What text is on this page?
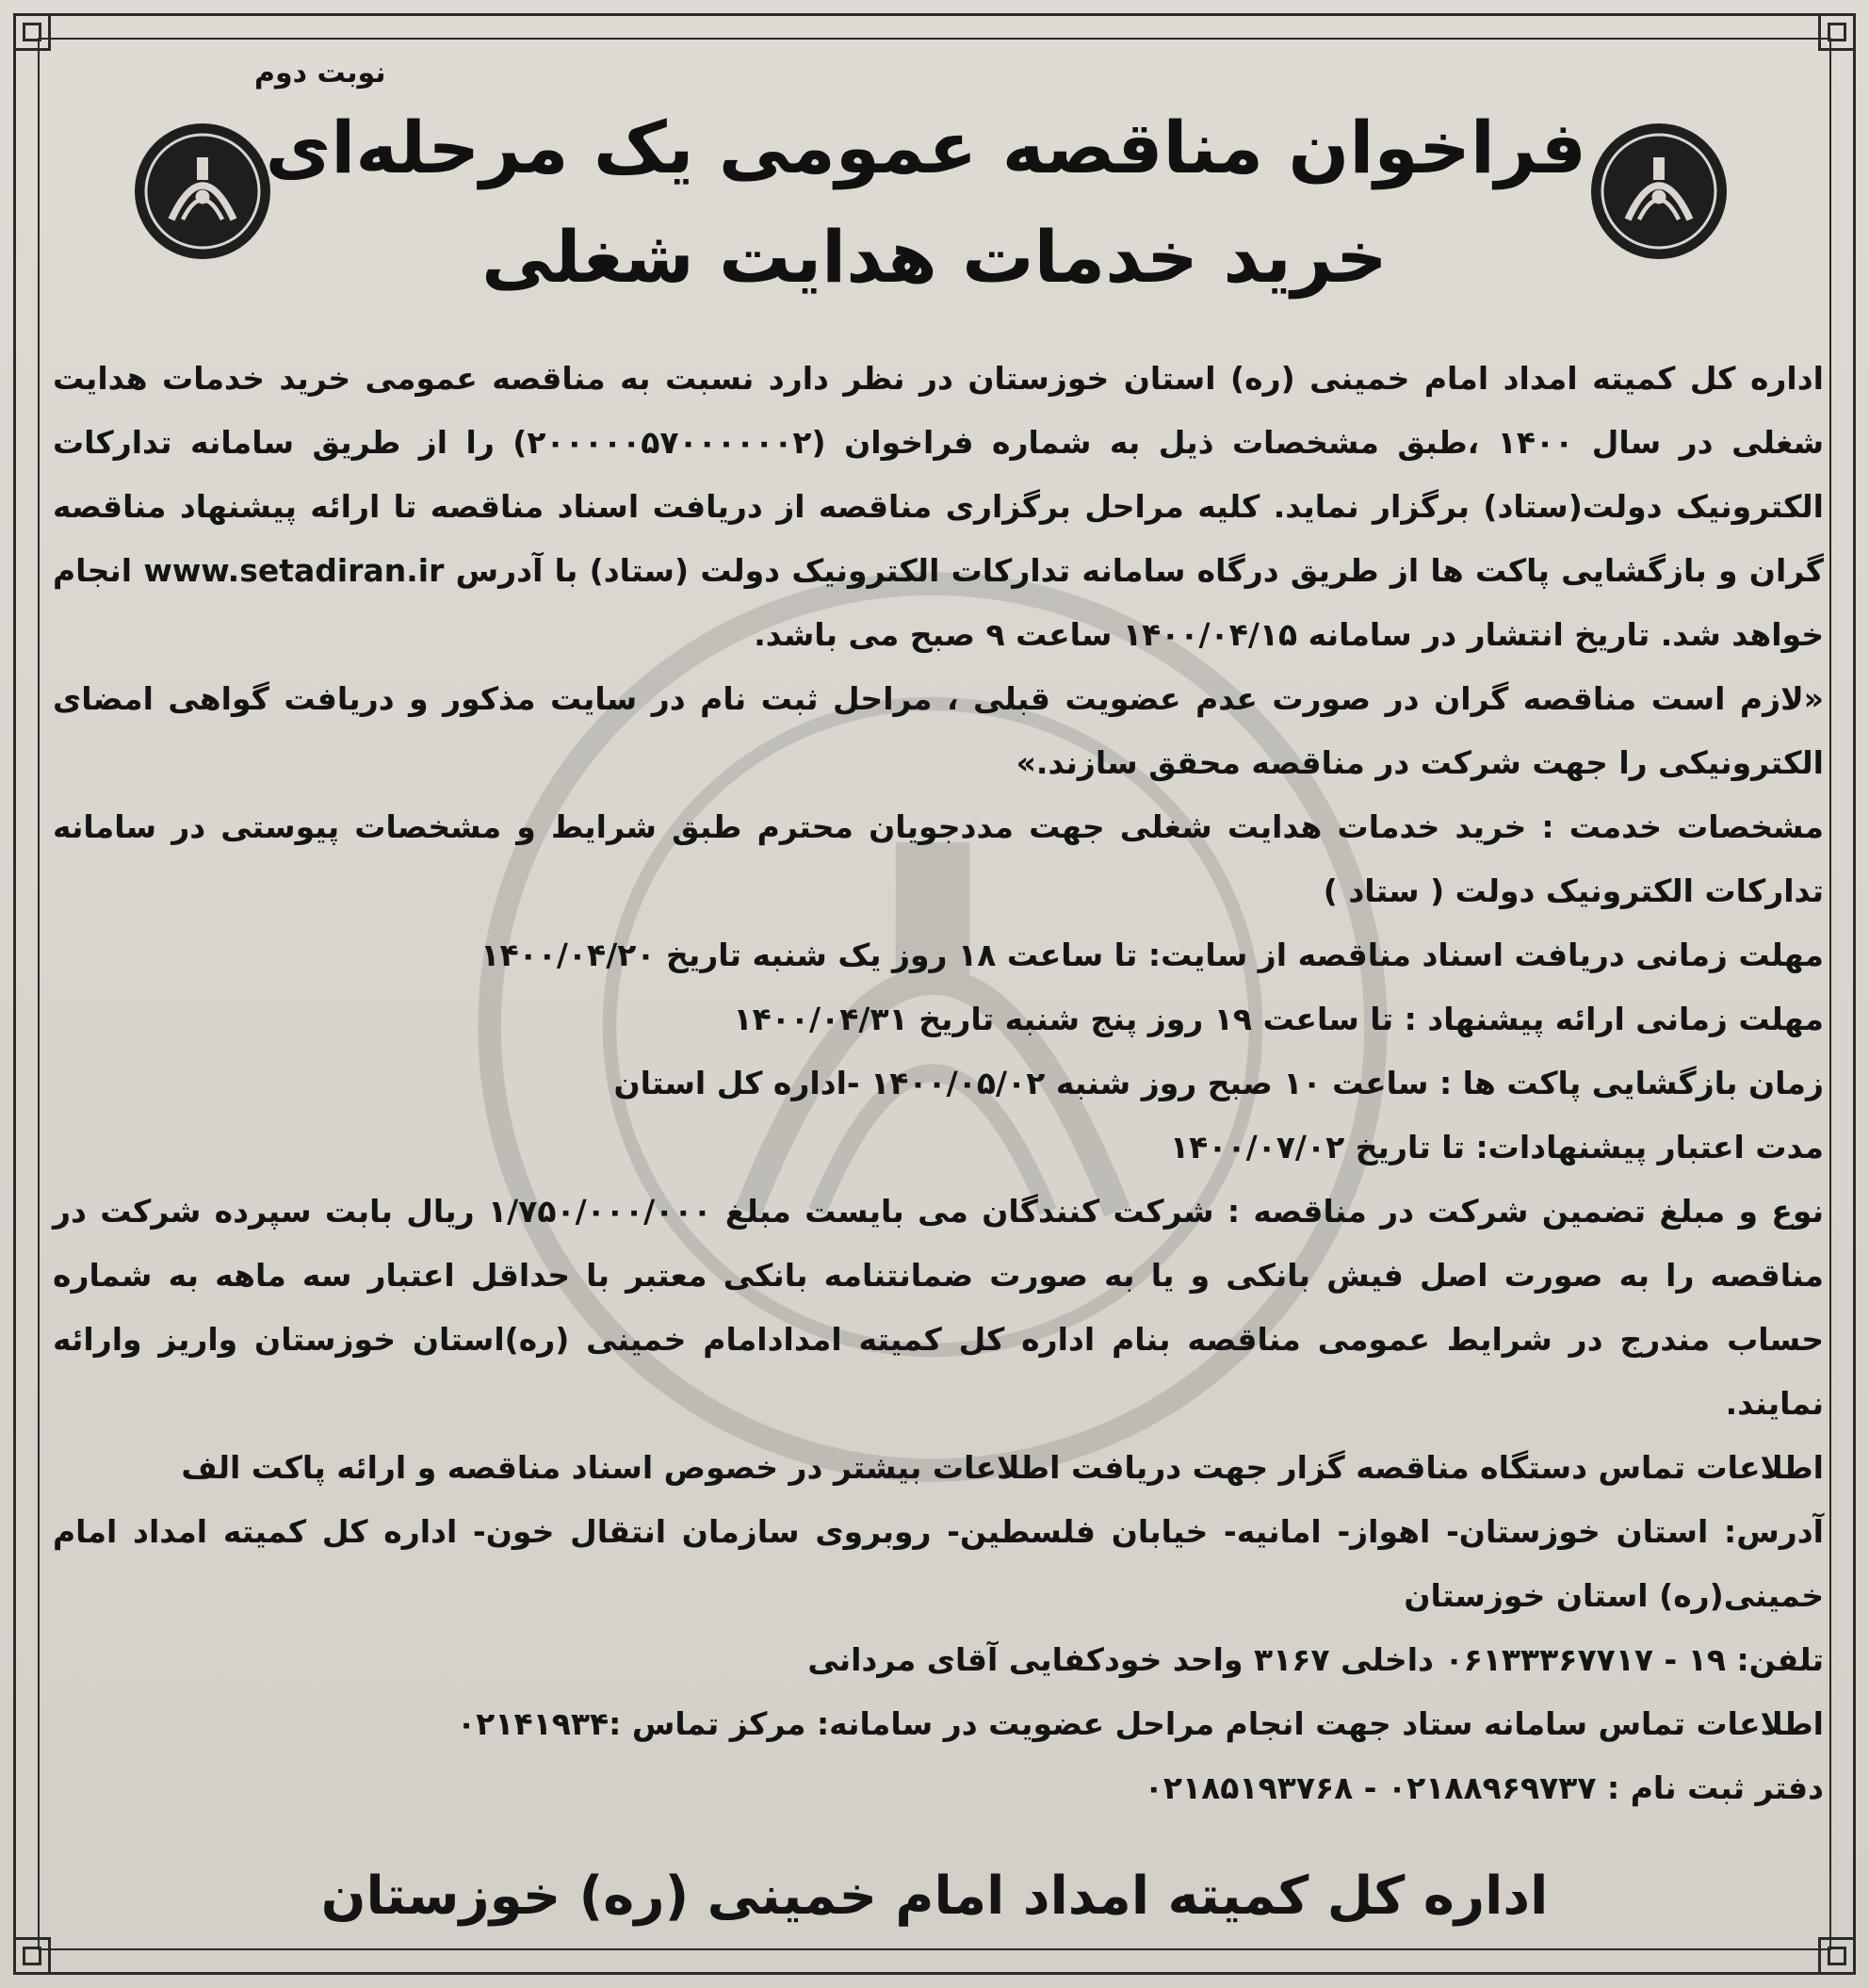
نوبت دوم
فراخوان مناقصه عمومی یک مرحله‌ای
خرید خدمات هدایت شغلی

اداره کل کمیته امداد امام خمینی (ره) استان خوزستان در نظر دارد نسبت به مناقصه عمومی خرید خدمات هدایت شغلی در سال ۱۴۰۰ ،طبق مشخصات ذیل به شماره فراخوان (۲۰۰۰۰۰۵۷۰۰۰۰۰۰۲) را از طریق سامانه تدارکات الکترونیک دولت(ستاد) برگزار نماید. کلیه مراحل برگزاری مناقصه از دریافت اسناد مناقصه تا ارائه پیشنهاد مناقصه گران و بازگشایی پاکت ها از طریق درگاه سامانه تدارکات الکترونیک دولت (ستاد) با آدرس www.setadiran.ir انجام خواهد شد. تاریخ انتشار در سامانه ۱۴۰۰/۰۴/۱۵ ساعت ۹ صبح می باشد.

«لازم است مناقصه گران در صورت عدم عضویت قبلی ، مراحل ثبت نام در سایت مذکور و دریافت گواهی امضای الکترونیکی را جهت شرکت در مناقصه محقق سازند.»

مشخصات خدمت : خرید خدمات هدایت شغلی جهت مددجویان محترم طبق شرایط و مشخصات پیوستی در سامانه تدارکات الکترونیک دولت ( ستاد )

مهلت زمانی دریافت اسناد مناقصه از سایت: تا ساعت ۱۸ روز یک شنبه تاریخ ۱۴۰۰/۰۴/۲۰

مهلت زمانی ارائه پیشنهاد : تا ساعت ۱۹ روز پنج شنبه تاریخ ۱۴۰۰/۰۴/۳۱

زمان بازگشایی پاکت ها : ساعت ۱۰ صبح روز شنبه ۱۴۰۰/۰۵/۰۲ -اداره کل استان

مدت اعتبار پیشنهادات: تا تاریخ ۱۴۰۰/۰۷/۰۲

نوع و مبلغ تضمین شرکت در مناقصه : شرکت کنندگان می بایست مبلغ ۱/۷۵۰/۰۰۰/۰۰۰ ریال بابت سپرده شرکت در مناقصه را به صورت اصل فیش بانکی و یا به صورت ضمانتنامه بانکی معتبر با حداقل اعتبار سه ماهه به شماره حساب مندرج در شرایط عمومی مناقصه بنام اداره کل کمیته امدادامام خمینی (ره)استان خوزستان واریز وارائه نمایند.

اطلاعات تماس دستگاه مناقصه گزار جهت دریافت اطلاعات بیشتر در خصوص اسناد مناقصه و ارائه پاکت الف

آدرس: استان خوزستان- اهواز- امانیه- خیابان فلسطین- روبروی سازمان انتقال خون- اداره کل کمیته امداد امام خمینی(ره) استان خوزستان

تلفن: ۱۹ - ۰۶۱۳۳۳۶۷۷۱۷ داخلی ۳۱۶۷ واحد خودکفایی آقای مردانی

اطلاعات تماس سامانه ستاد جهت انجام مراحل عضویت در سامانه: مرکز تماس :۰۲۱۴۱۹۳۴

دفتر ثبت نام : ۰۲۱۸۸۹۶۹۷۳۷ - ۰۲۱۸۵۱۹۳۷۶۸

اداره کل کمیته امداد امام خمینی (ره) خوزستان
